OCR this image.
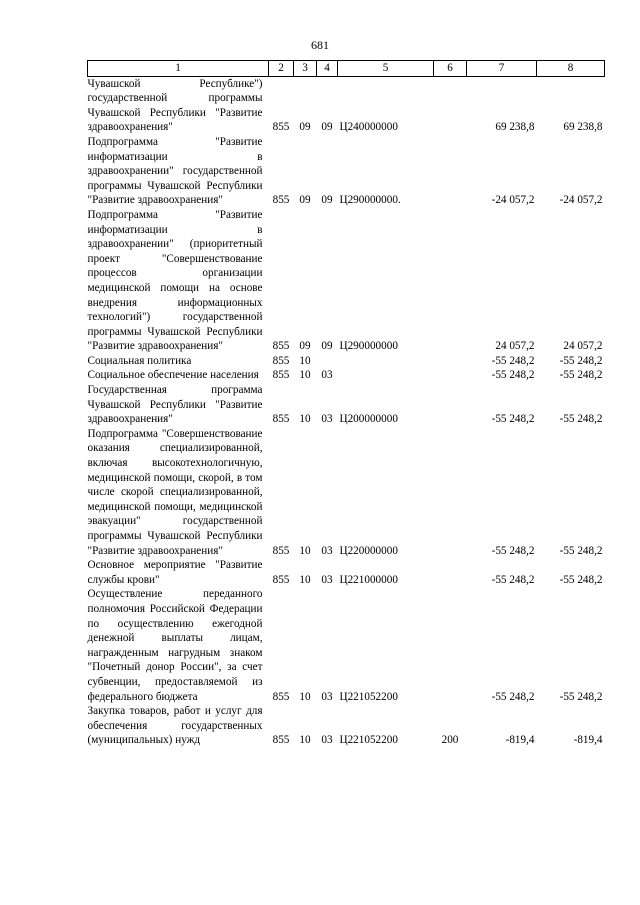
681
1	2	3	4	5	6	7	8
Чувашской Республике") государственной программы Чувашской Республики "Развитие здравоохранения"	855	09	09	Ц240000000		69 238,8	69 238,8
Подпрограмма "Развитие информатизации в здравоохранении" государственной программы Чувашской Республики "Развитие здравоохранения"	855	09	09	Ц290000000.		-24 057,2	-24 057,2
Подпрограмма "Развитие информатизации в здравоохранении" (приоритетный проект "Совершенствование процессов организации медицинской помощи на основе внедрения информационных технологий") государственной программы Чувашской Республики "Развитие здравоохранения"	855	09	09	Ц290000000		24 057,2	24 057,2
Социальная политика	855	10				-55 248,2	-55 248,2
Социальное обеспечение населения	855	10	03			-55 248,2	-55 248,2
Государственная программа Чувашской Республики "Развитие здравоохранения"	855	10	03	Ц200000000		-55 248,2	-55 248,2
Подпрограмма "Совершенствование оказания специализированной, включая высокотехнологичную, медицинской помощи, скорой, в том числе скорой специализированной, медицинской помощи, медицинской эвакуации" государственной программы Чувашской Республики "Развитие здравоохранения"	855	10	03	Ц220000000		-55 248,2	-55 248,2
Основное мероприятие "Развитие службы крови"	855	10	03	Ц221000000		-55 248,2	-55 248,2
Осуществление переданного полномочия Российской Федерации по осуществлению ежегодной денежной выплаты лицам, награжденным нагрудным знаком "Почетный донор России", за счет субвенции, предоставляемой из федерального бюджета	855	10	03	Ц221052200		-55 248,2	-55 248,2
Закупка товаров, работ и услуг для обеспечения государственных (муниципальных) нужд	855	10	03	Ц221052200	200	-819,4	-819,4
